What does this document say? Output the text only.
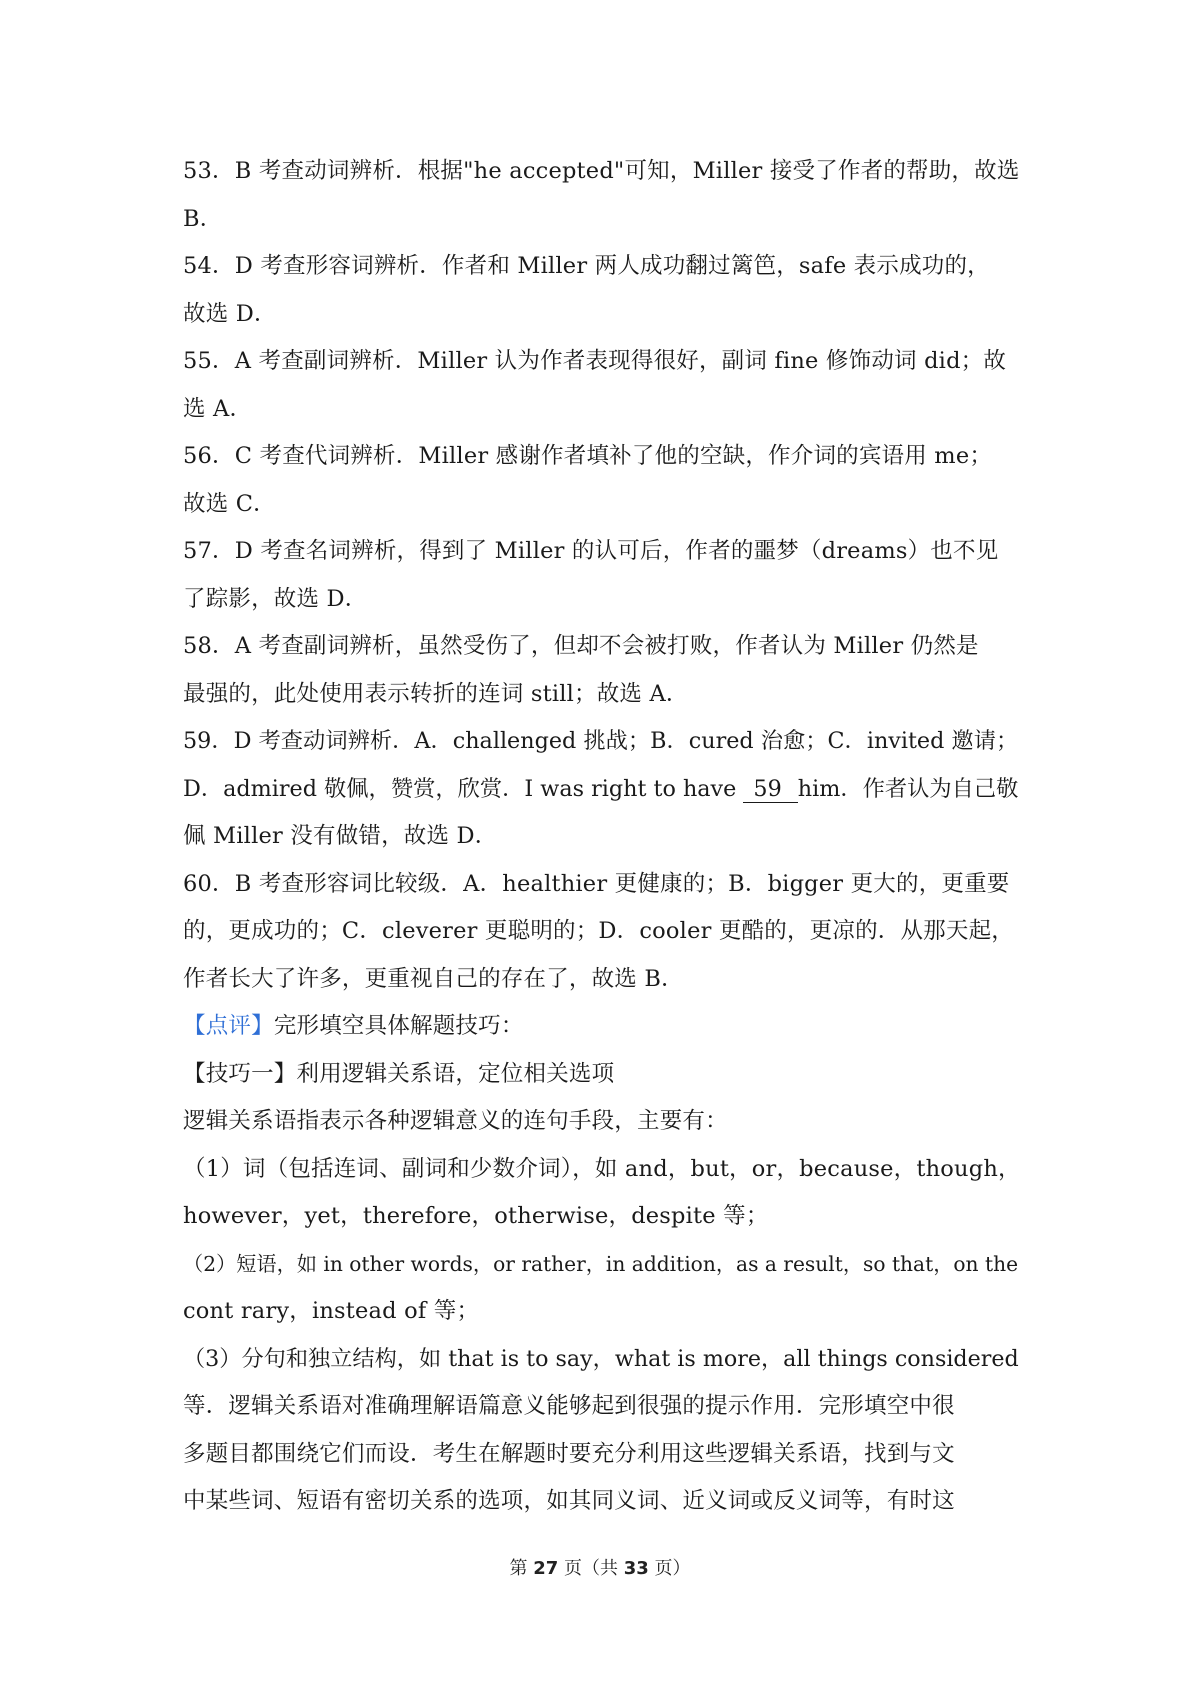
53．B 考查动词辨析．根据"he accepted"可知，Miller 接受了作者的帮助，故选
B．
54．D 考查形容词辨析．作者和 Miller 两人成功翻过篱笆，safe 表示成功的，
故选 D．
55．A 考查副词辨析．Miller 认为作者表现得很好，副词 fine 修饰动词 did；故
选 A．
56．C 考查代词辨析．Miller 感谢作者填补了他的空缺，作介词的宾语用 me；
故选 C．
57．D 考查名词辨析，得到了 Miller 的认可后，作者的噩梦（dreams）也不见
了踪影，故选 D．
58．A 考查副词辨析，虽然受伤了，但却不会被打败，作者认为 Miller 仍然是
最强的，此处使用表示转折的连词 still；故选 A．
59．D 考查动词辨析．A．challenged 挑战；B．cured 治愈；C．invited 邀请；
D．admired 敬佩，赞赏，欣赏．I was right to have 59 him．作者认为自己敬
佩 Miller 没有做错，故选 D．
60．B 考查形容词比较级．A．healthier 更健康的；B．bigger 更大的，更重要
的，更成功的；C．cleverer 更聪明的；D．cooler 更酷的，更凉的．从那天起，
作者长大了许多，更重视自己的存在了，故选 B．
【点评】完形填空具体解题技巧：
【技巧一】利用逻辑关系语，定位相关选项
逻辑关系语指表示各种逻辑意义的连句手段，主要有：
（1）词（包括连词、副词和少数介词），如 and，but，or，because，though，
however，yet，therefore，otherwise，despite 等；
（2）短语，如 in other words，or rather，in addition，as a result，so that，on the
cont rary，instead of 等；
（3）分句和独立结构，如 that is to say，what is more，all things considered
等．逻辑关系语对准确理解语篇意义能够起到很强的提示作用．完形填空中很
多题目都围绕它们而设．考生在解题时要充分利用这些逻辑关系语，找到与文
中某些词、短语有密切关系的选项，如其同义词、近义词或反义词等，有时这
第 27 页（共 33 页）
